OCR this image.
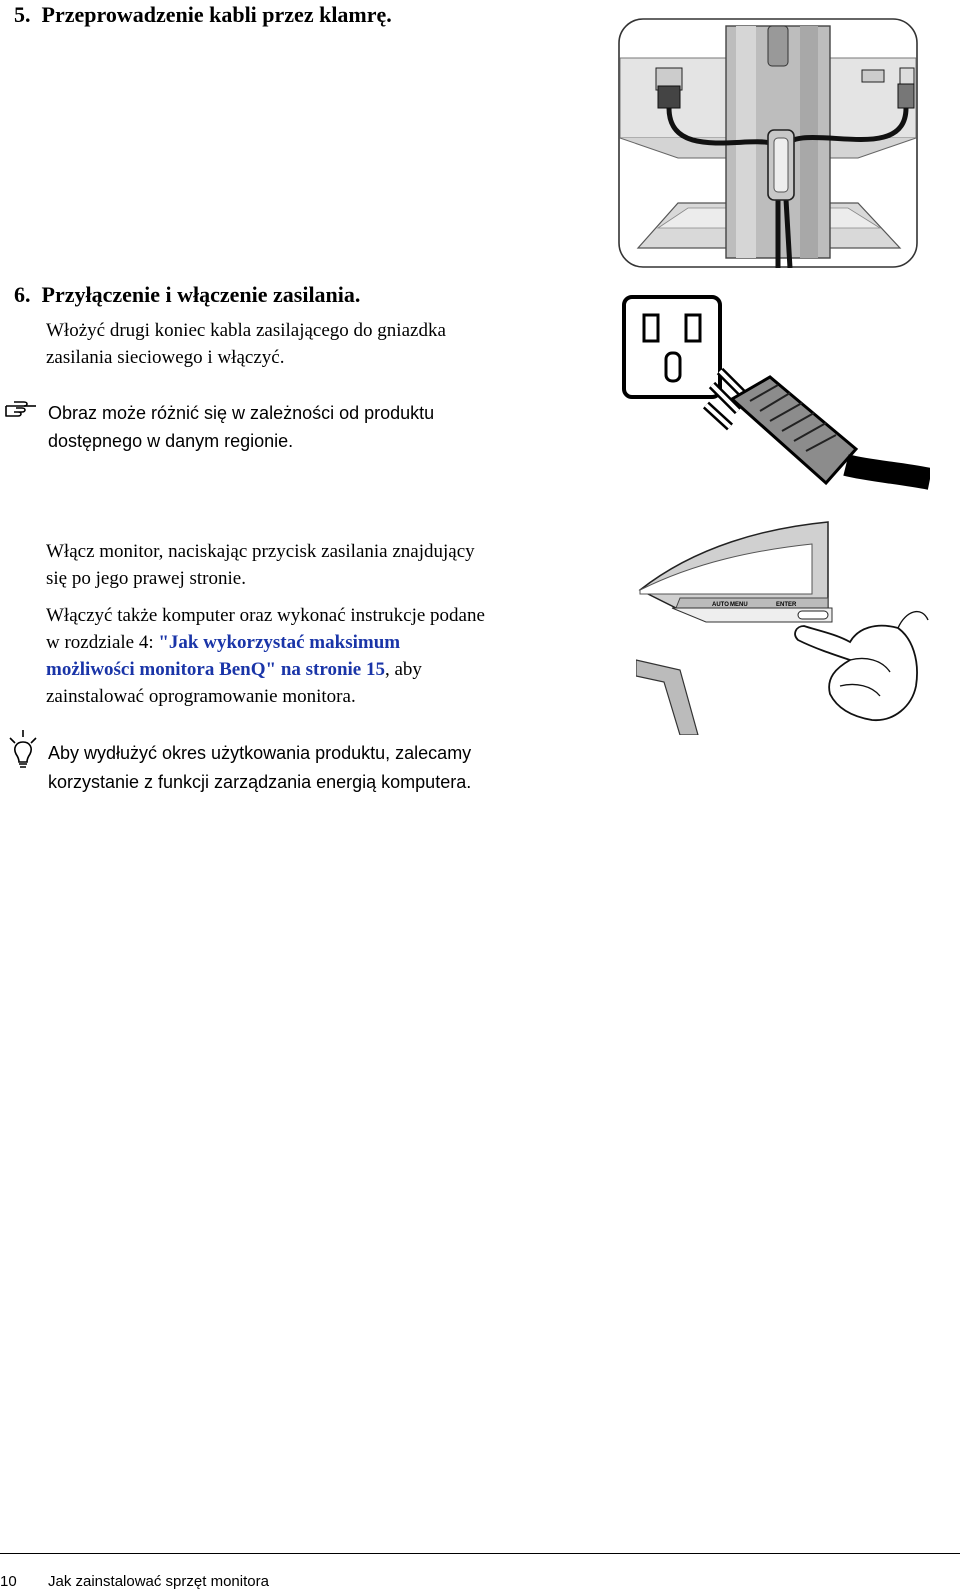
5.  Przeprowadzenie kabli przez klamrę.
6.  Przyłączenie i włączenie zasilania.
Włożyć drugi koniec kabla zasilającego do gniazdka
zasilania sieciowego i włączyć.
Obraz może różnić się w zależności od produktu
dostępnego w danym regionie.
Włącz monitor, naciskając przycisk zasilania znajdujący
się po jego prawej stronie.
Włączyć także komputer oraz wykonać instrukcje podane
w rozdziale 4: "Jak wykorzystać maksimum
możliwości monitora BenQ" na stronie 15, aby
zainstalować oprogramowanie monitora.
AUTO MENU	ENTER
Aby wydłużyć okres użytkowania produktu, zalecamy
korzystanie z funkcji zarządzania energią komputera.
10 Jak zainstalować sprzęt monitora
